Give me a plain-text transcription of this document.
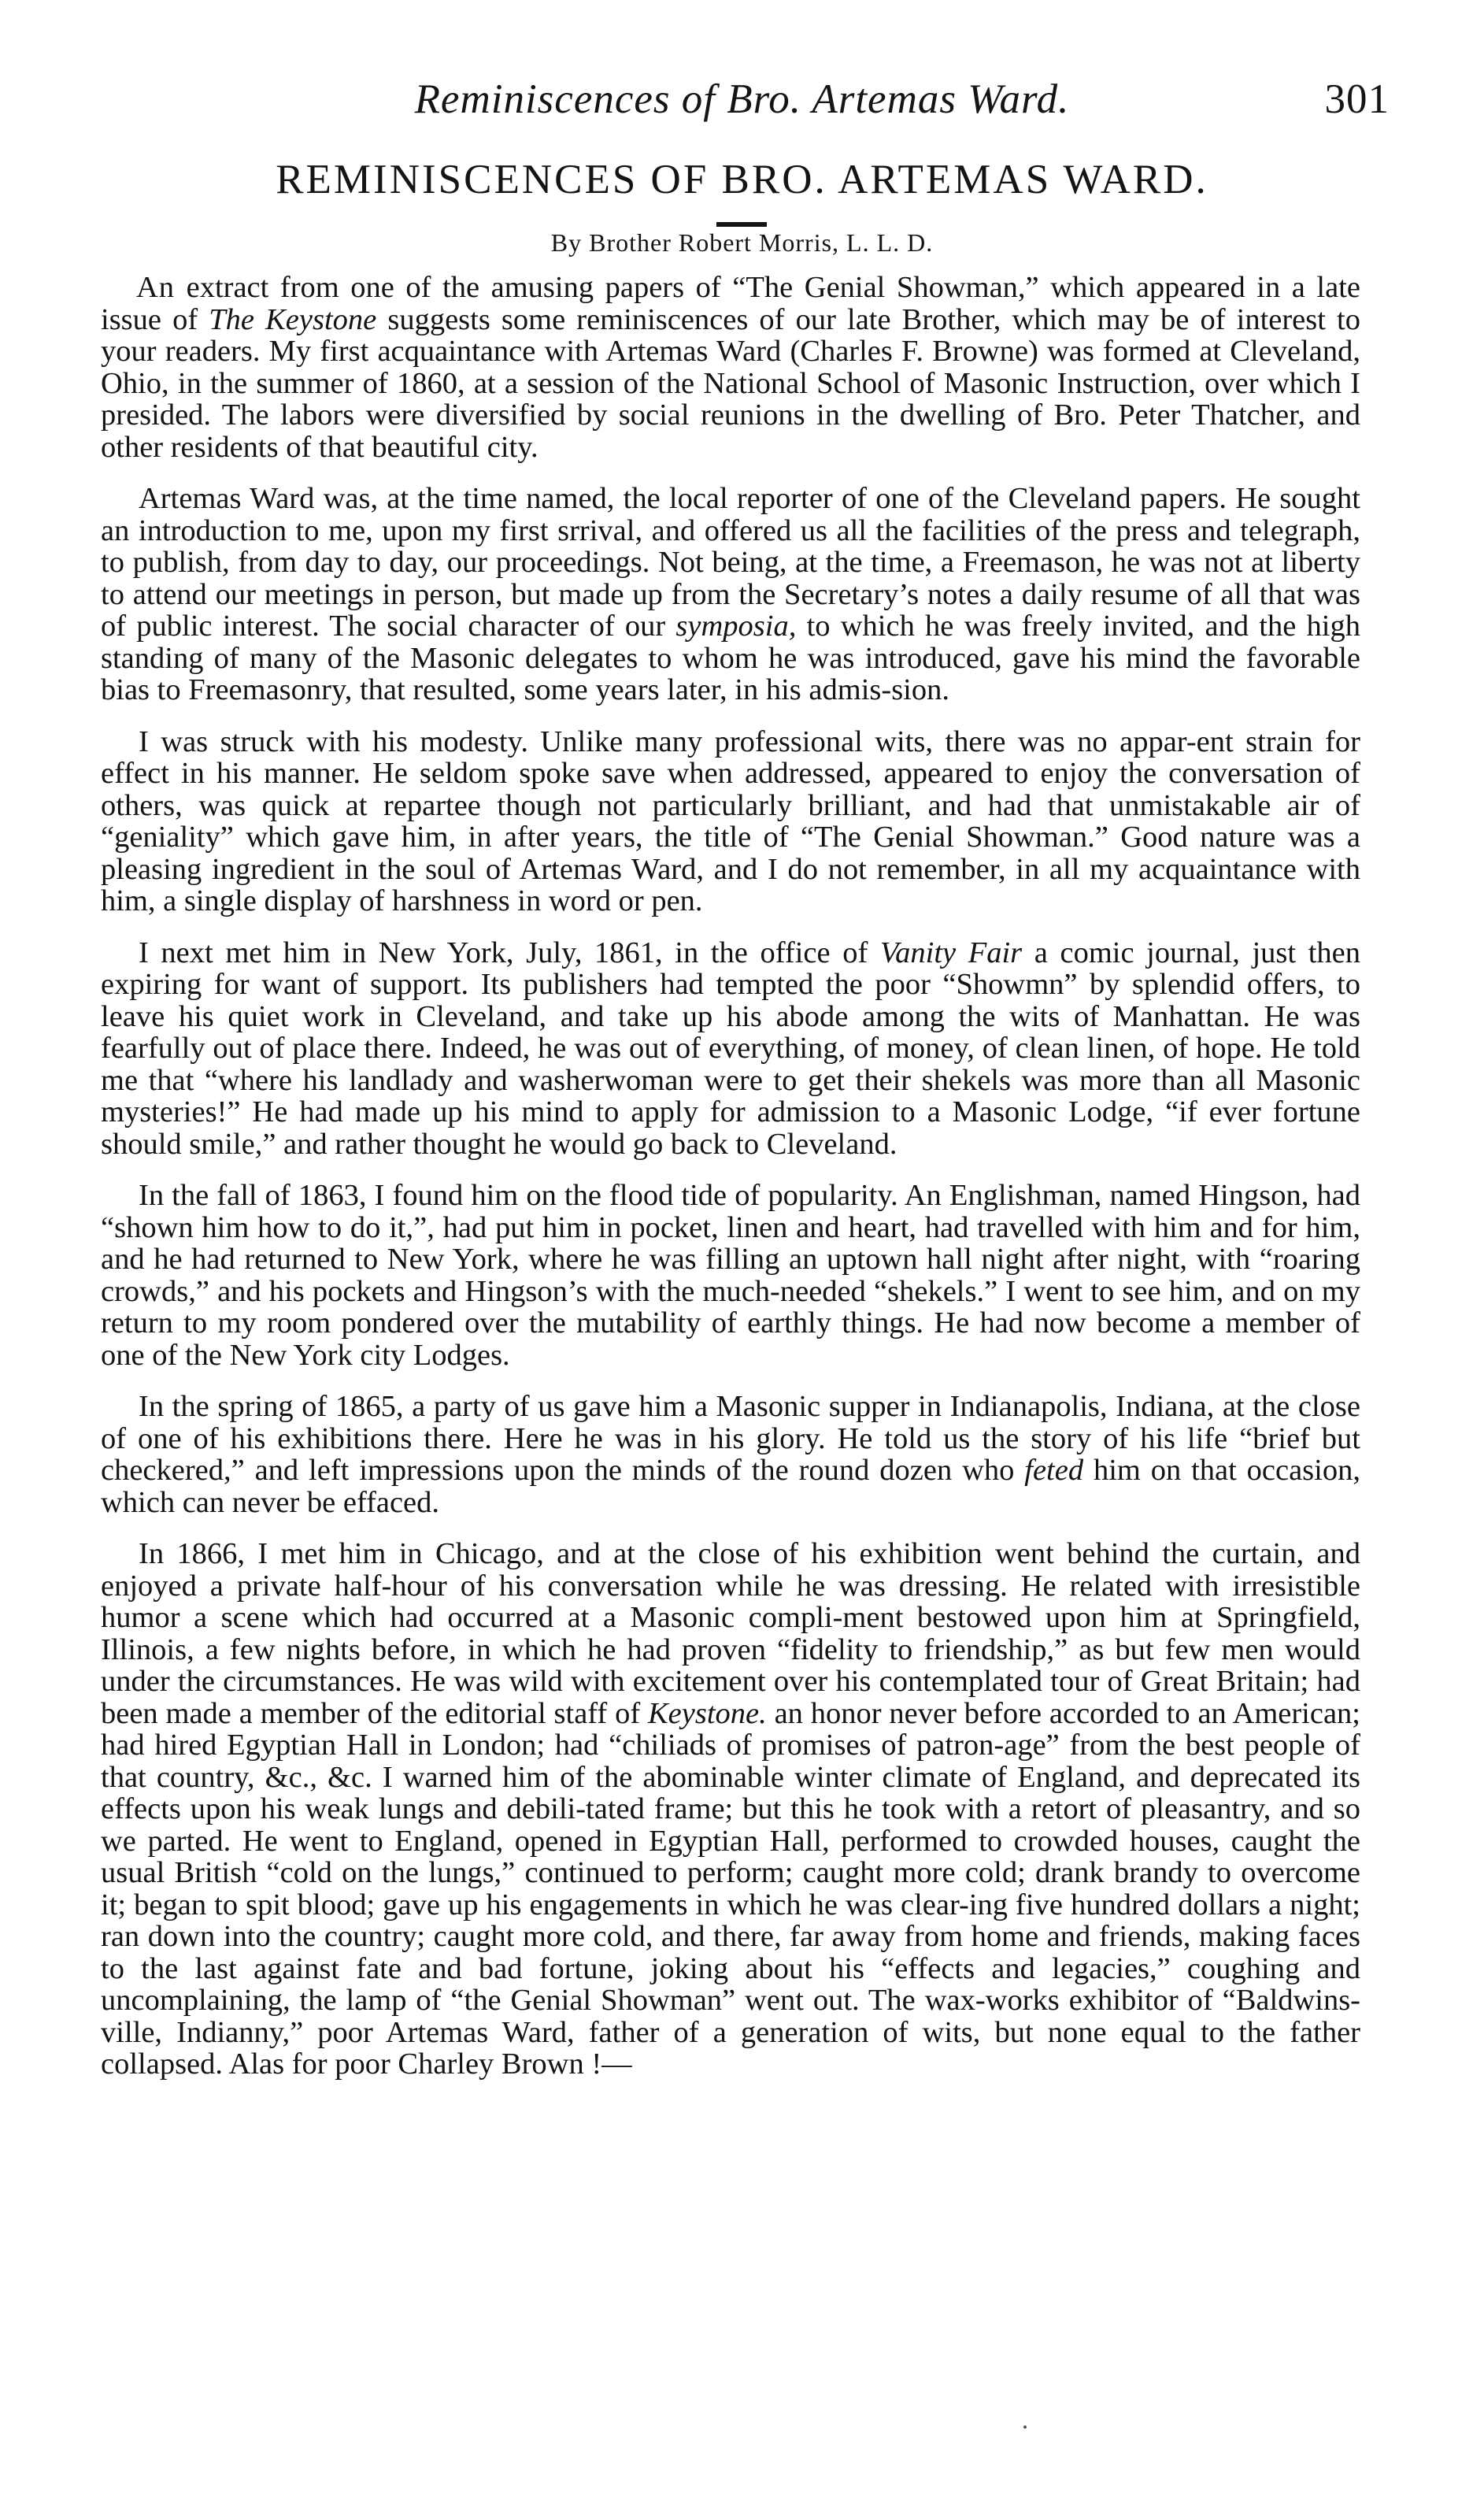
Reminiscences of Bro. Artemas Ward.	301
REMINISCENCES OF BRO. ARTEMAS WARD.
By Brother Robert Morris, L. L. D.

An extract from one of the amusing papers of “The Genial Showman,” which appeared in a late issue of The Keystone suggests some reminiscences of our late Brother, which may be of interest to your readers. My first acquaintance with Artemas Ward (Charles F. Browne) was formed at Cleveland, Ohio, in the summer of 1860, at a session of the National School of Masonic Instruction, over which I presided. The labors were diversified by social reunions in the dwelling of Bro. Peter Thatcher, and other residents of that beautiful city.

Artemas Ward was, at the time named, the local reporter of one of the Cleveland papers. He sought an introduction to me, upon my first srrival, and offered us all the facilities of the press and telegraph, to publish, from day to day, our proceedings. Not being, at the time, a Freemason, he was not at liberty to attend our meetings in person, but made up from the Secretary’s notes a daily resume of all that was of public interest. The social character of our symposia, to which he was freely invited, and the high standing of many of the Masonic delegates to whom he was introduced, gave his mind the favorable bias to Freemasonry, that resulted, some years later, in his admis-sion.

I was struck with his modesty. Unlike many professional wits, there was no appar-ent strain for effect in his manner. He seldom spoke save when addressed, appeared to enjoy the conversation of others, was quick at repartee though not particularly brilliant, and had that unmistakable air of “geniality” which gave him, in after years, the title of “The Genial Showman.” Good nature was a pleasing ingredient in the soul of Artemas Ward, and I do not remember, in all my acquaintance with him, a single display of harshness in word or pen.

I next met him in New York, July, 1861, in the office of Vanity Fair a comic journal, just then expiring for want of support. Its publishers had tempted the poor “Showmn” by splendid offers, to leave his quiet work in Cleveland, and take up his abode among the wits of Manhattan. He was fearfully out of place there. Indeed, he was out of everything, of money, of clean linen, of hope. He told me that “where his landlady and washerwoman were to get their shekels was more than all Masonic mysteries!” He had made up his mind to apply for admission to a Masonic Lodge, “if ever fortune should smile,” and rather thought he would go back to Cleveland.

In the fall of 1863, I found him on the flood tide of popularity. An Englishman, named Hingson, had “shown him how to do it,”, had put him in pocket, linen and heart, had travelled with him and for him, and he had returned to New York, where he was filling an uptown hall night after night, with “roaring crowds,” and his pockets and Hingson’s with the much-needed “shekels.” I went to see him, and on my return to my room pondered over the mutability of earthly things. He had now become a member of one of the New York city Lodges.

In the spring of 1865, a party of us gave him a Masonic supper in Indianapolis, Indiana, at the close of one of his exhibitions there. Here he was in his glory. He told us the story of his life “brief but checkered,” and left impressions upon the minds of the round dozen who feted him on that occasion, which can never be effaced.

In 1866, I met him in Chicago, and at the close of his exhibition went behind the curtain, and enjoyed a private half-hour of his conversation while he was dressing. He related with irresistible humor a scene which had occurred at a Masonic compli-ment bestowed upon him at Springfield, Illinois, a few nights before, in which he had proven “fidelity to friendship,” as but few men would under the circumstances. He was wild with excitement over his contemplated tour of Great Britain; had been made a member of the editorial staff of Keystone. an honor never before accorded to an American; had hired Egyptian Hall in London; had “chiliads of promises of patron-age” from the best people of that country, &c., &c. I warned him of the abominable winter climate of England, and deprecated its effects upon his weak lungs and debili-tated frame; but this he took with a retort of pleasantry, and so we parted. He went to England, opened in Egyptian Hall, performed to crowded houses, caught the usual British “cold on the lungs,” continued to perform; caught more cold; drank brandy to overcome it; began to spit blood; gave up his engagements in which he was clear-ing five hundred dollars a night; ran down into the country; caught more cold, and there, far away from home and friends, making faces to the last against fate and bad fortune, joking about his “effects and legacies,” coughing and uncomplaining, the lamp of “the Genial Showman” went out. The wax-works exhibitor of “Baldwins-ville, Indianny,” poor Artemas Ward, father of a generation of wits, but none equal to the father collapsed. Alas for poor Charley Brown !—
